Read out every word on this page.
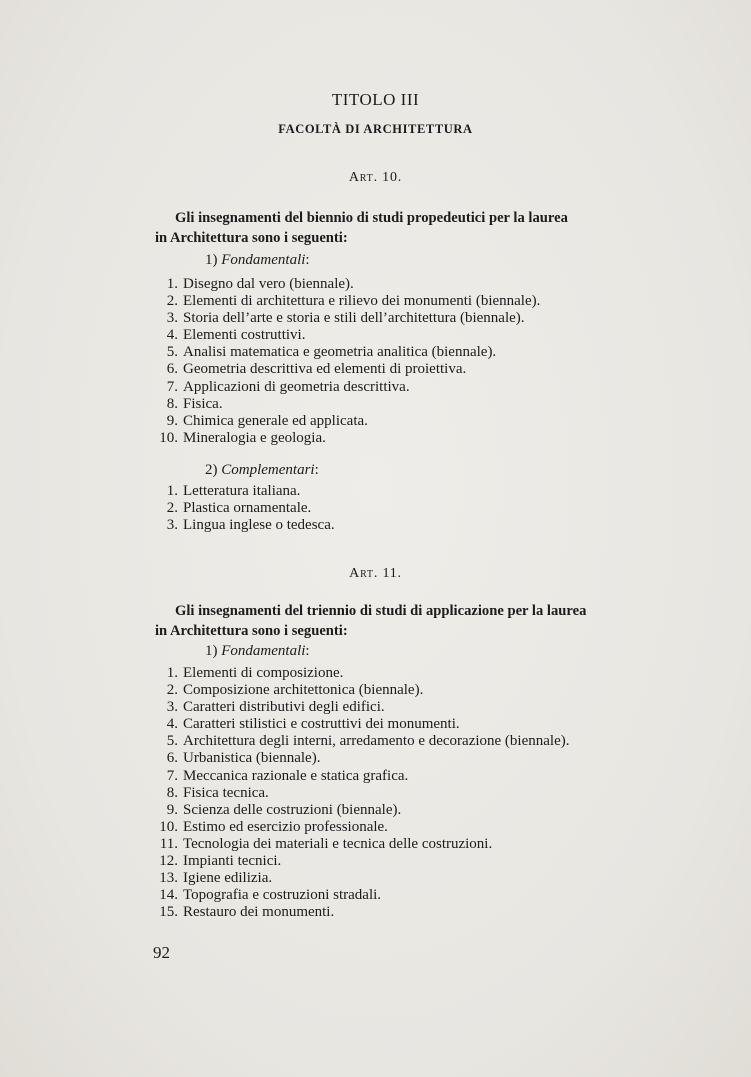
TITOLO III
FACOLTÀ DI ARCHITETTURA
Art. 10.
Gli insegnamenti del biennio di studi propedeutici per la laurea
in Architettura sono i seguenti:
1) Fondamentali:
1. Disegno dal vero (biennale).
2. Elementi di architettura e rilievo dei monumenti (biennale).
3. Storia dell’arte e storia e stili dell’architettura (biennale).
4. Elementi costruttivi.
5. Analisi matematica e geometria analitica (biennale).
6. Geometria descrittiva ed elementi di proiettiva.
7. Applicazioni di geometria descrittiva.
8. Fisica.
9. Chimica generale ed applicata.
10. Mineralogia e geologia.
2) Complementari:
1. Letteratura italiana.
2. Plastica ornamentale.
3. Lingua inglese o tedesca.
Art. 11.
Gli insegnamenti del triennio di studi di applicazione per la laurea
in Architettura sono i seguenti:
1) Fondamentali:
1. Elementi di composizione.
2. Composizione architettonica (biennale).
3. Caratteri distributivi degli edifici.
4. Caratteri stilistici e costruttivi dei monumenti.
5. Architettura degli interni, arredamento e decorazione (biennale).
6. Urbanistica (biennale).
7. Meccanica razionale e statica grafica.
8. Fisica tecnica.
9. Scienza delle costruzioni (biennale).
10. Estimo ed esercizio professionale.
11. Tecnologia dei materiali e tecnica delle costruzioni.
12. Impianti tecnici.
13. Igiene edilizia.
14. Topografia e costruzioni stradali.
15. Restauro dei monumenti.
92
